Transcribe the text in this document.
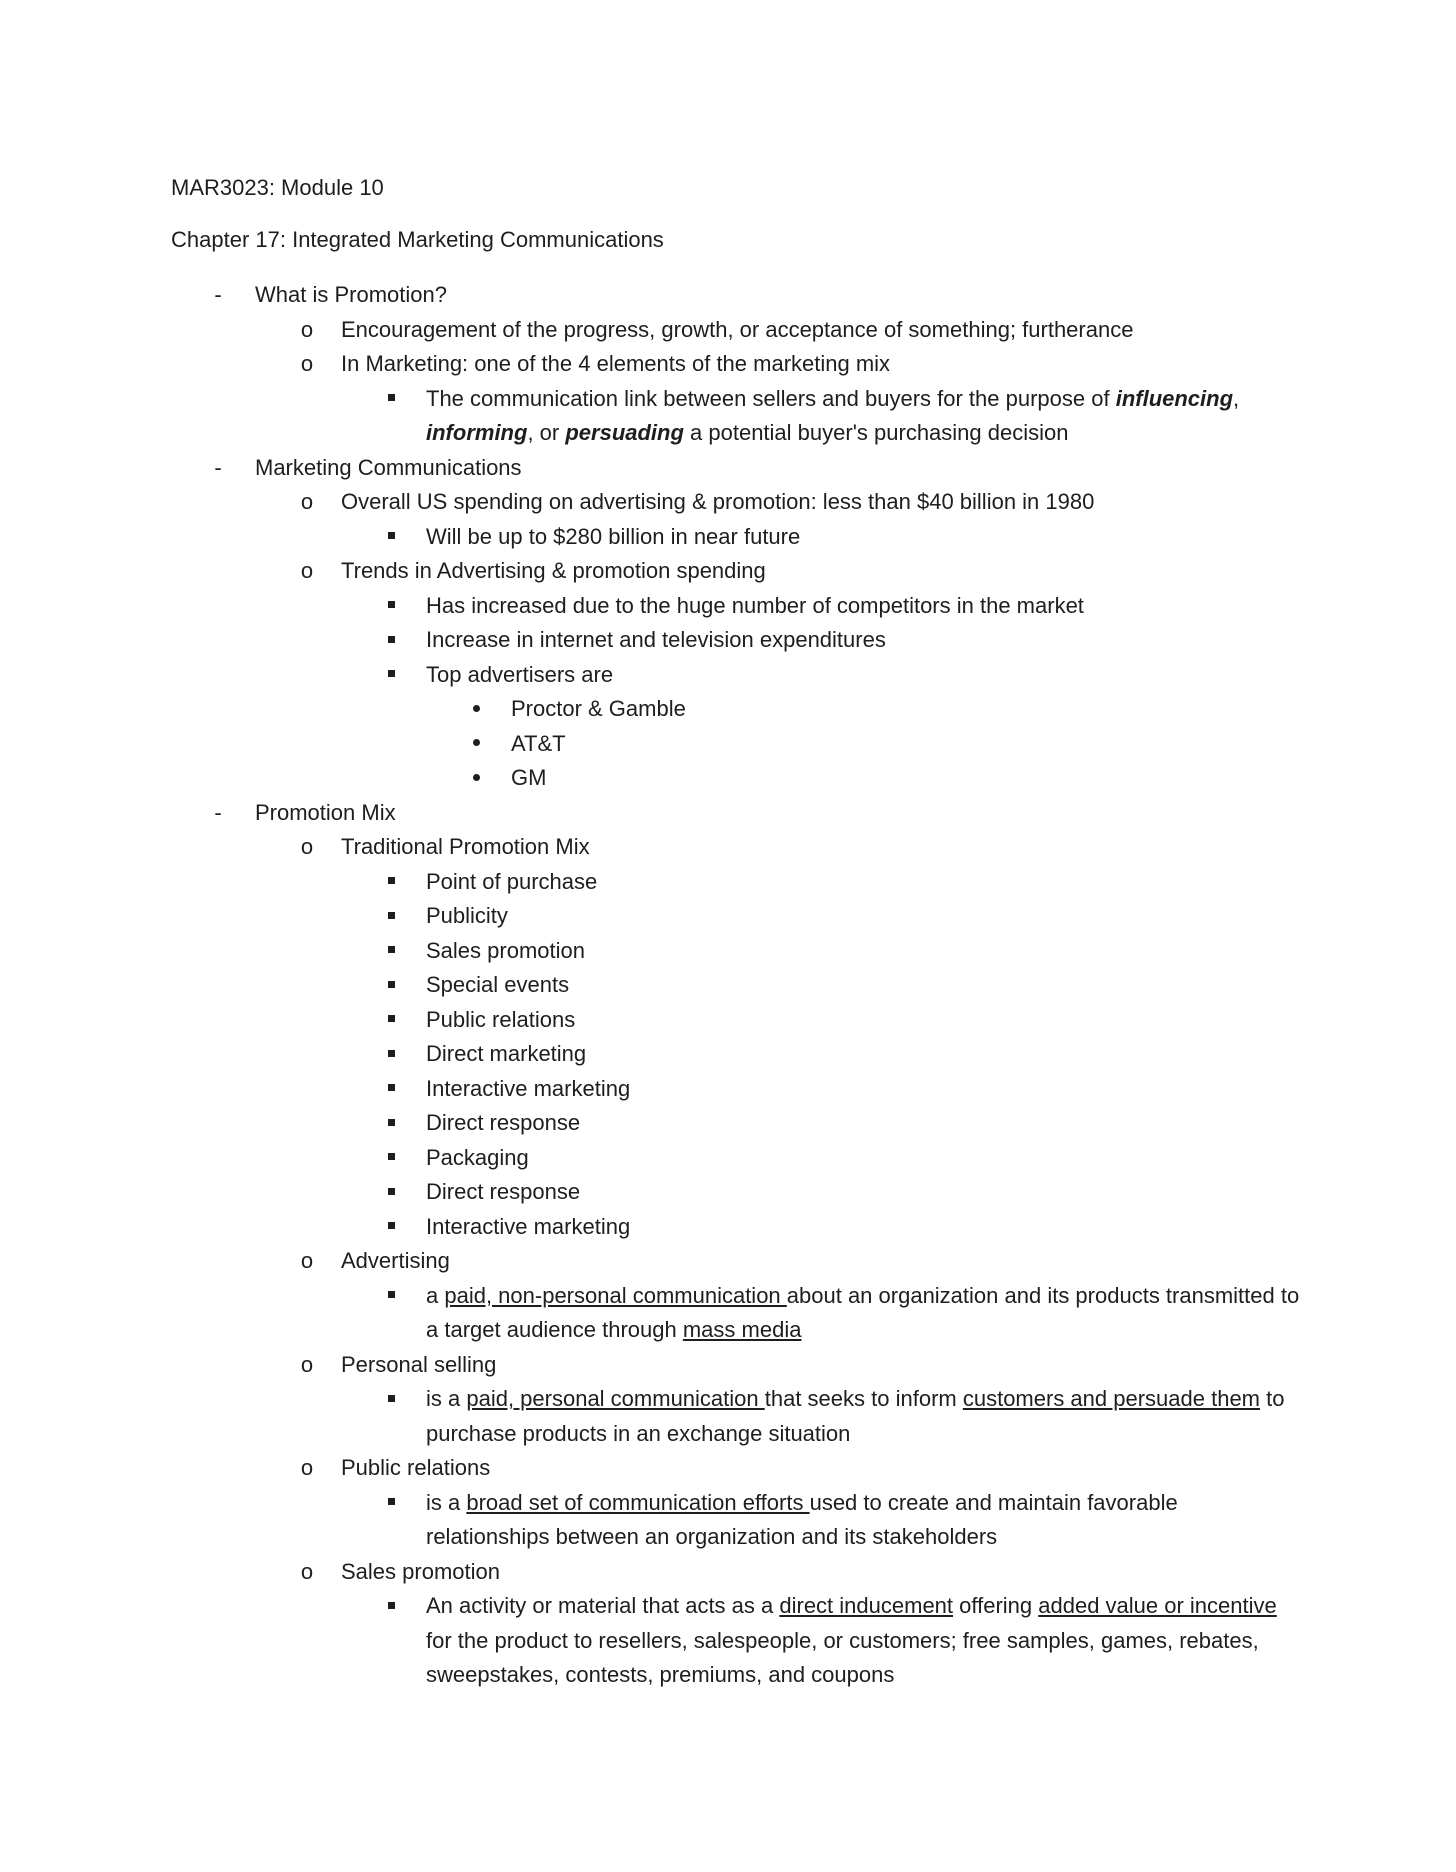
MAR3023: Module 10
Chapter 17: Integrated Marketing Communications
-	What is Promotion?
o	Encouragement of the progress, growth, or acceptance of something; furtherance
o	In Marketing: one of the 4 elements of the marketing mix
The communication link between sellers and buyers for the purpose of influencing, informing, or persuading a potential buyer's purchasing decision
-	Marketing Communications
o	Overall US spending on advertising & promotion: less than $40 billion in 1980
Will be up to $280 billion in near future
o	Trends in Advertising & promotion spending
Has increased due to the huge number of competitors in the market
Increase in internet and television expenditures
Top advertisers are
Proctor & Gamble
AT&T
GM
-	Promotion Mix
o	Traditional Promotion Mix
Point of purchase
Publicity
Sales promotion
Special events
Public relations
Direct marketing
Interactive marketing
Direct response
Packaging
Direct response
Interactive marketing
o	Advertising
a paid, non-personal communication about an organization and its products transmitted to a target audience through mass media
o	Personal selling
is a paid, personal communication that seeks to inform customers and persuade them to purchase products in an exchange situation
o	Public relations
is a broad set of communication efforts used to create and maintain favorable relationships between an organization and its stakeholders
o	Sales promotion
An activity or material that acts as a direct inducement offering added value or incentive for the product to resellers, salespeople, or customers; free samples, games, rebates, sweepstakes, contests, premiums, and coupons
